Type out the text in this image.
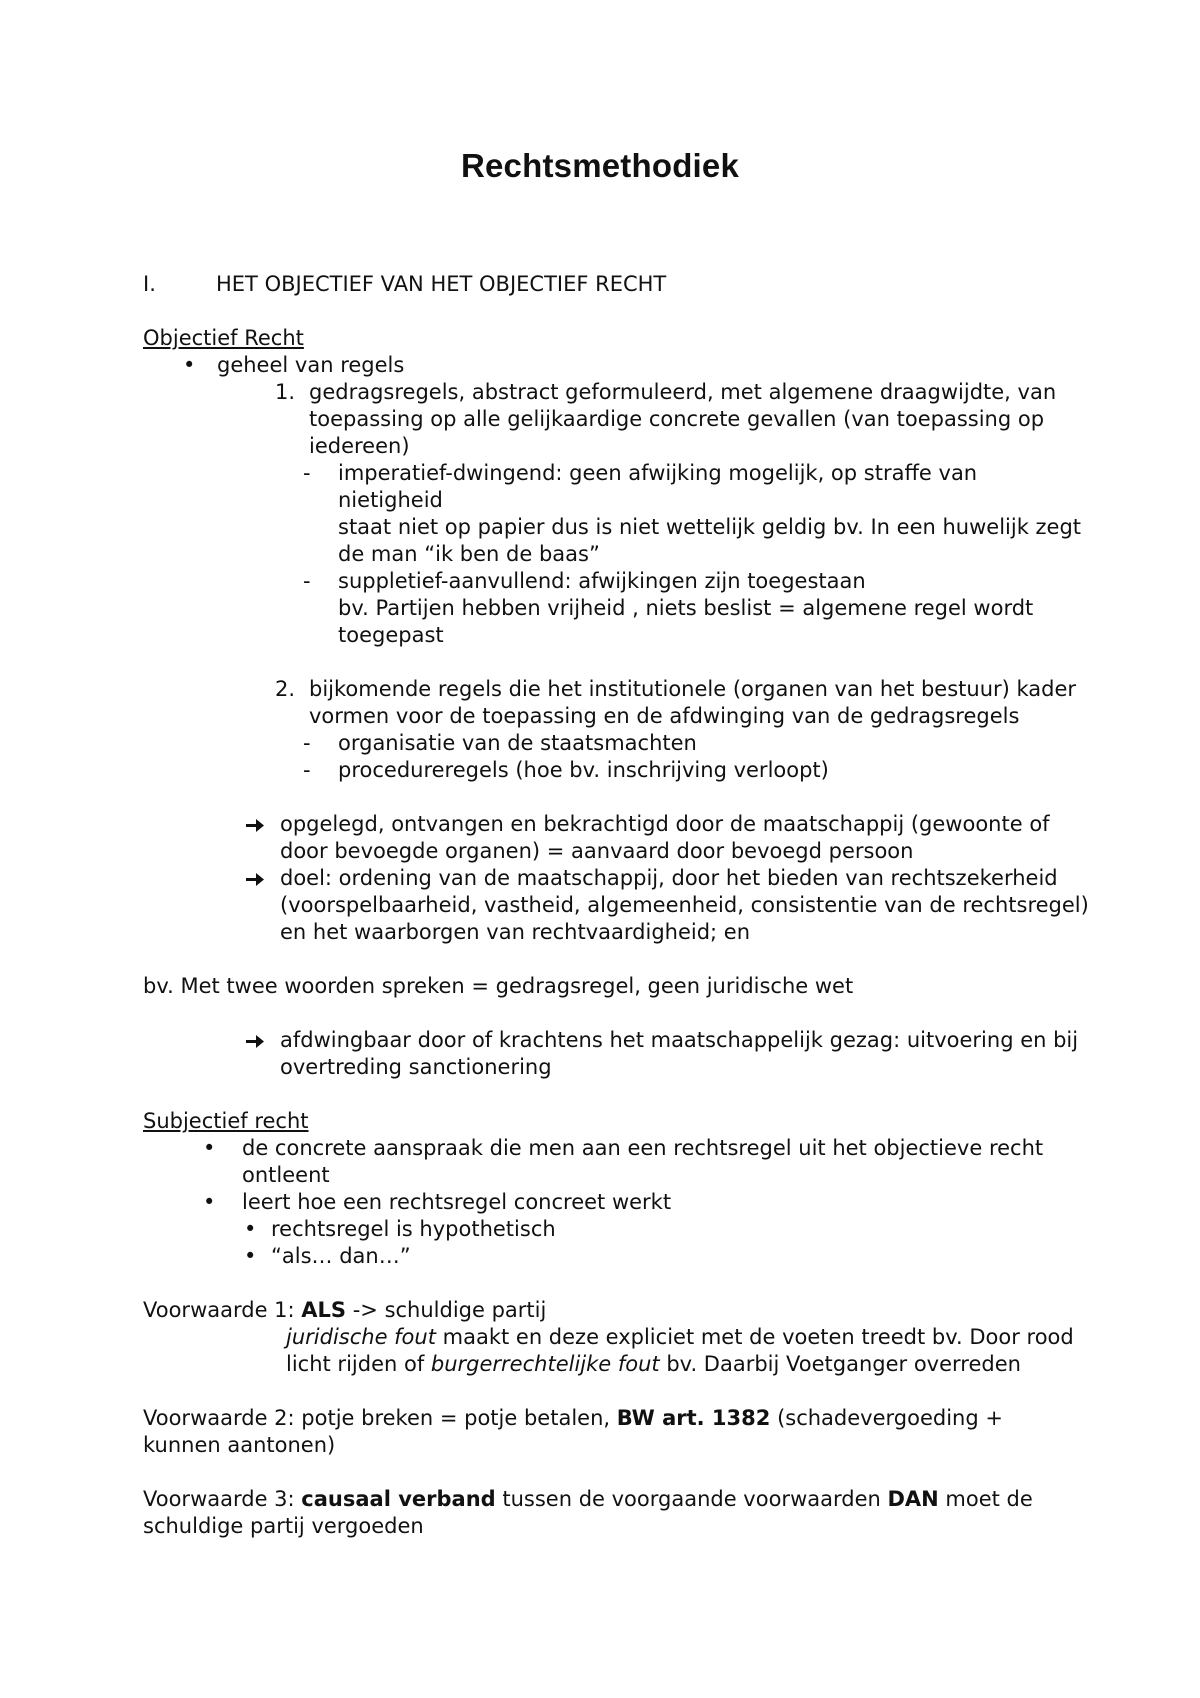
Rechtsmethodiek
I.	HET OBJECTIEF VAN HET OBJECTIEF RECHT
Objectief Recht
• geheel van regels
1. gedragsregels, abstract geformuleerd, met algemene draagwijdte, van
toepassing op alle gelijkaardige concrete gevallen (van toepassing op
iedereen)
- imperatief-dwingend: geen afwijking mogelijk, op straffe van
nietigheid
staat niet op papier dus is niet wettelijk geldig bv. In een huwelijk zegt
de man “ik ben de baas”
- suppletief-aanvullend: afwijkingen zijn toegestaan
bv. Partijen hebben vrijheid , niets beslist = algemene regel wordt
toegepast
2. bijkomende regels die het institutionele (organen van het bestuur) kader
vormen voor de toepassing en de afdwinging van de gedragsregels
- organisatie van de staatsmachten
- procedureregels (hoe bv. inschrijving verloopt)
opgelegd, ontvangen en bekrachtigd door de maatschappij (gewoonte of
door bevoegde organen) = aanvaard door bevoegd persoon
doel: ordening van de maatschappij, door het bieden van rechtszekerheid
(voorspelbaarheid, vastheid, algemeenheid, consistentie van de rechtsregel)
en het waarborgen van rechtvaardigheid; en
bv. Met twee woorden spreken = gedragsregel, geen juridische wet
afdwingbaar door of krachtens het maatschappelijk gezag: uitvoering en bij
overtreding sanctionering
Subjectief recht
• de concrete aanspraak die men aan een rechtsregel uit het objectieve recht
ontleent
• leert hoe een rechtsregel concreet werkt
• rechtsregel is hypothetisch
• “als… dan…”
Voorwaarde 1: ALS -> schuldige partij
juridische fout maakt en deze expliciet met de voeten treedt bv. Door rood
licht rijden of burgerrechtelijke fout bv. Daarbij Voetganger overreden
Voorwaarde 2: potje breken = potje betalen, BW art. 1382 (schadevergoeding +
kunnen aantonen)
Voorwaarde 3: causaal verband tussen de voorgaande voorwaarden DAN moet de
schuldige partij vergoeden
